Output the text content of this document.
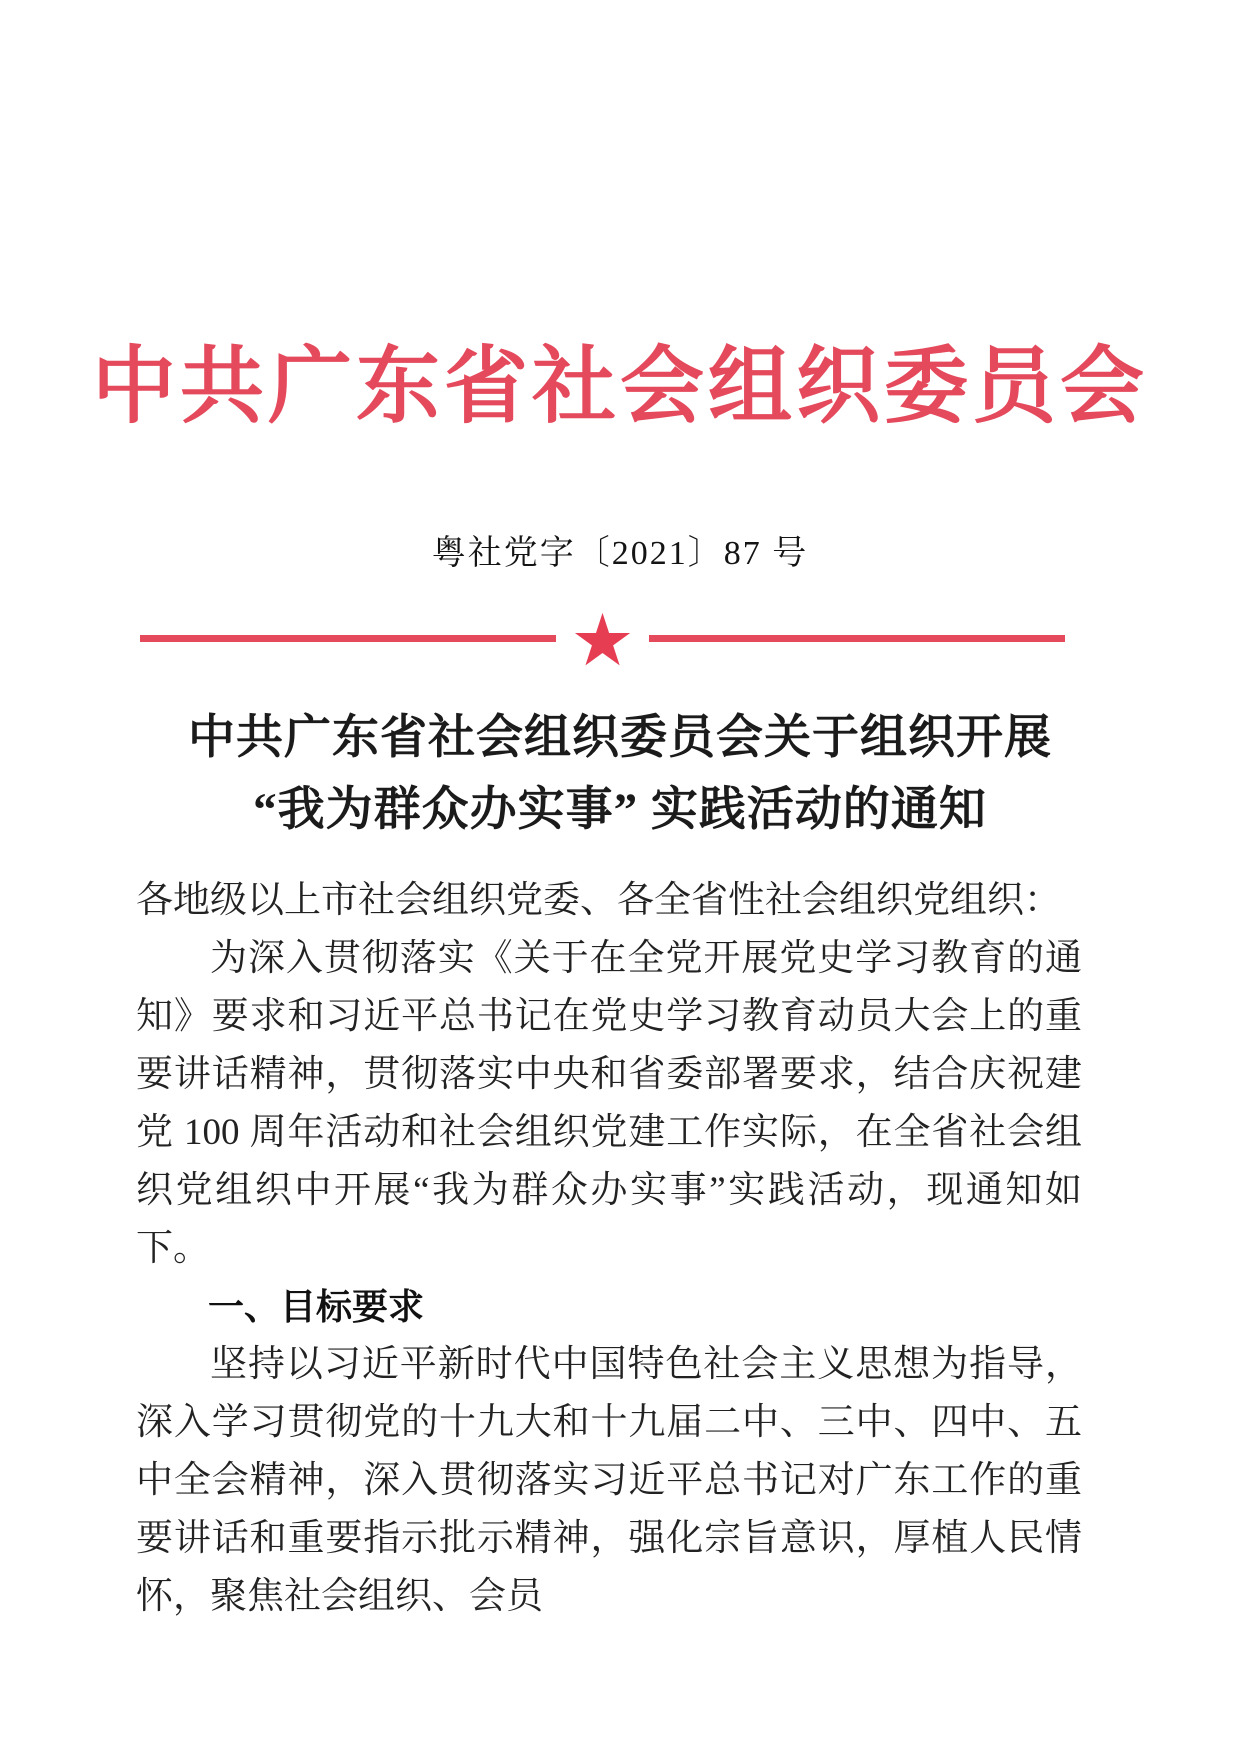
中共广东省社会组织委员会
粤社党字〔2021〕87 号
★
中共广东省社会组织委员会关于组织开展
“我为群众办实事” 实践活动的通知

各地级以上市社会组织党委、各全省性社会组织党组织：

为深入贯彻落实《关于在全党开展党史学习教育的通知》要求和习近平总书记在党史学习教育动员大会上的重要讲话精神，贯彻落实中央和省委部署要求，结合庆祝建党 100 周年活动和社会组织党建工作实际，在全省社会组织党组织中开展“我为群众办实事”实践活动，现通知如下。

一、目标要求

坚持以习近平新时代中国特色社会主义思想为指导，深入学习贯彻党的十九大和十九届二中、三中、四中、五中全会精神，深入贯彻落实习近平总书记对广东工作的重要讲话和重要指示批示精神，强化宗旨意识，厚植人民情怀，聚焦社会组织、会员
